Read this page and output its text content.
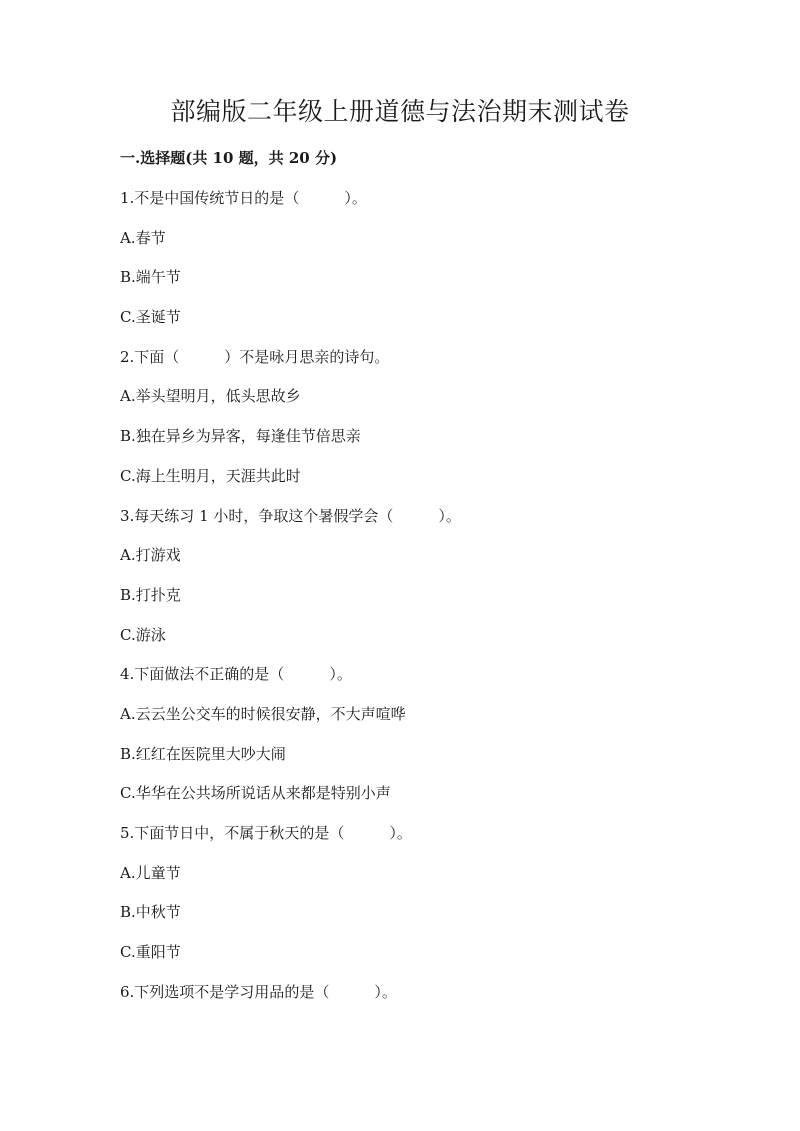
部编版二年级上册道德与法治期末测试卷
一.选择题(共 10 题，共 20 分)
1.不是中国传统节日的是（　　　）。
A.春节
B.端午节
C.圣诞节
2.下面（　　　）不是咏月思亲的诗句。
A.举头望明月，低头思故乡
B.独在异乡为异客，每逢佳节倍思亲
C.海上生明月，天涯共此时
3.每天练习 1 小时，争取这个暑假学会（　　　）。
A.打游戏
B.打扑克
C.游泳
4.下面做法不正确的是（　　　）。
A.云云坐公交车的时候很安静，不大声喧哗
B.红红在医院里大吵大闹
C.华华在公共场所说话从来都是特别小声
5.下面节日中，不属于秋天的是（　　　）。
A.儿童节
B.中秋节
C.重阳节
6.下列选项不是学习用品的是（　　　）。
